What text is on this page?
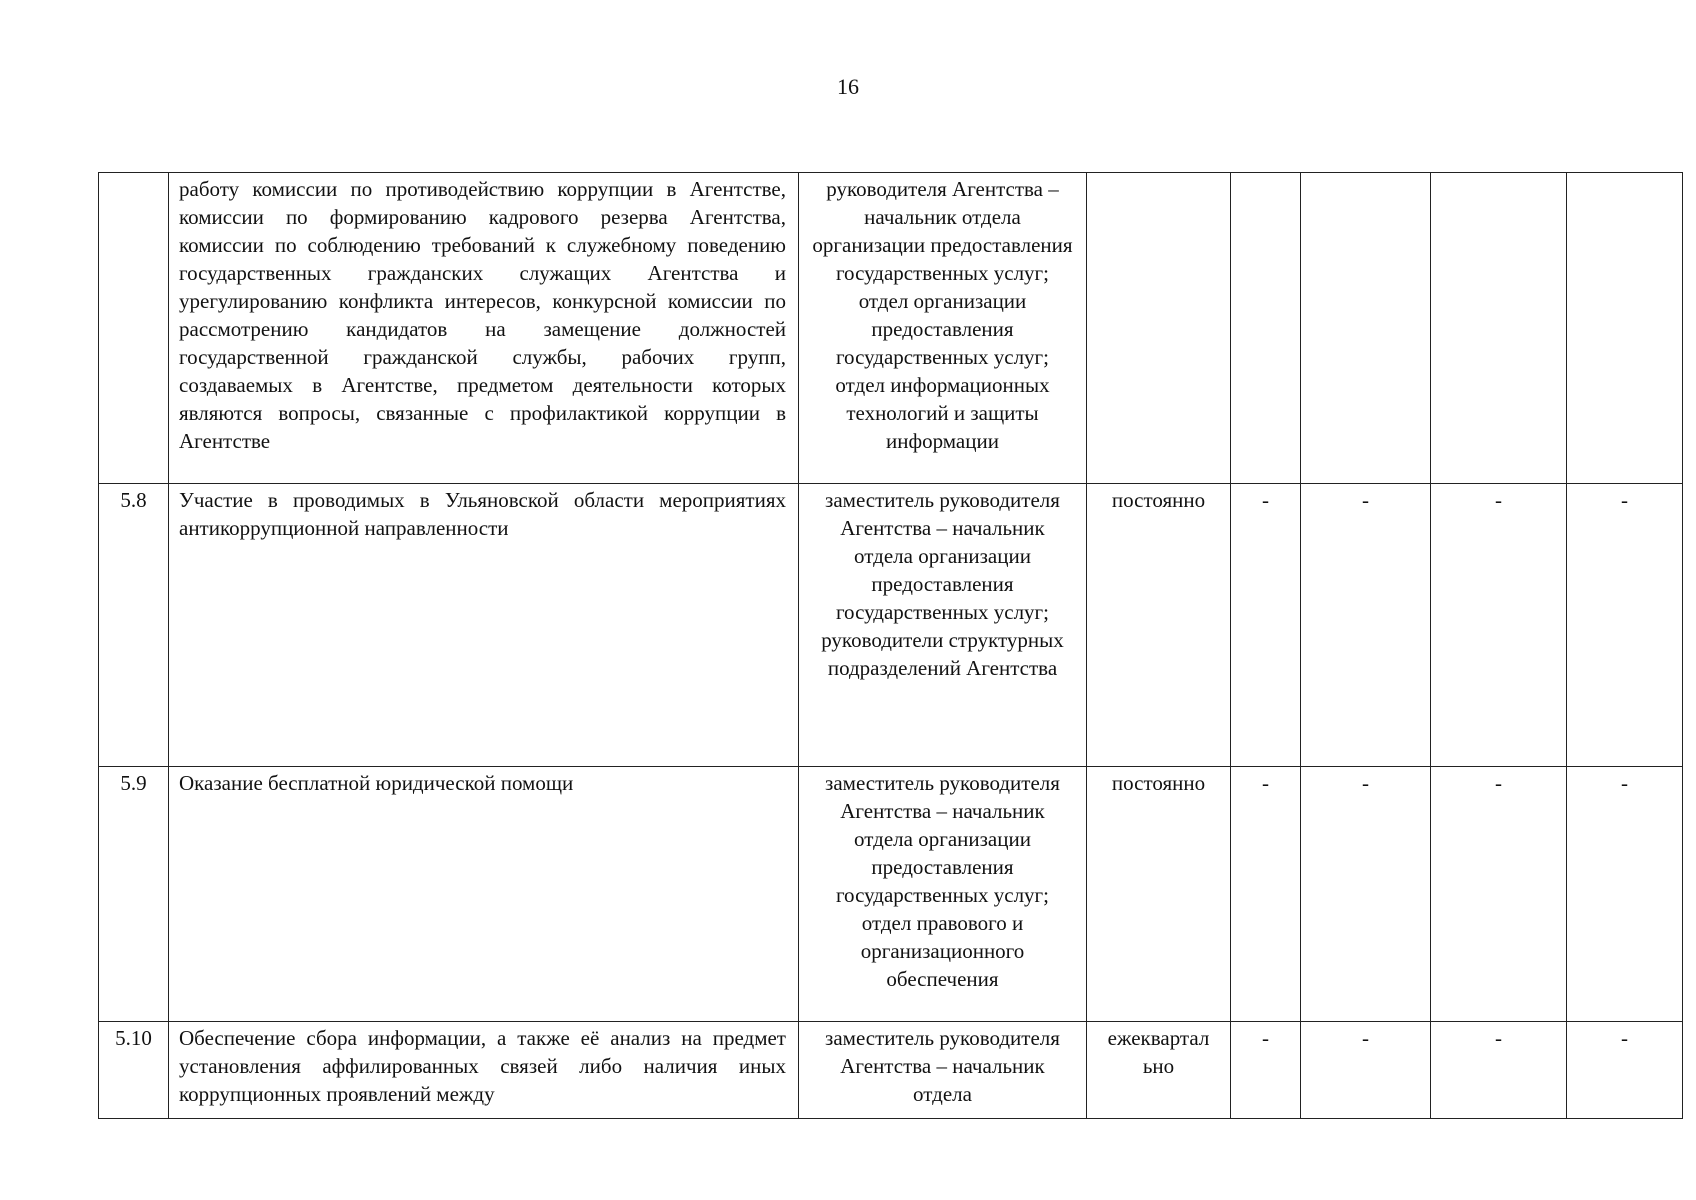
16
	работу комиссии по противодействию коррупции в Агентстве, комиссии по формированию кадрового резерва Агентства, комиссии по соблюдению требований к служебному поведению государственных гражданских служащих Агентства и урегулированию конфликта интересов, конкурсной комиссии по рассмотрению кандидатов на замещение должностей государственной гражданской службы, рабочих групп, создаваемых в Агентстве, предметом деятельности которых являются вопросы, связанные с профилактикой коррупции в Агентстве	руководителя Агентства – начальник отдела организации предоставления государственных услуг; отдел организации предоставления государственных услуг; отдел информационных технологий и защиты информации					
5.8	Участие в проводимых в Ульяновской области мероприятиях антикоррупционной направленности	заместитель руководителя Агентства – начальник отдела организации предоставления государственных услуг; руководители структурных подразделений Агентства	постоянно	-	-	-	-
5.9	Оказание бесплатной юридической помощи	заместитель руководителя Агентства – начальник отдела организации предоставления государственных услуг; отдел правового и организационного обеспечения	постоянно	-	-	-	-
5.10	Обеспечение сбора информации, а также её анализ на предмет установления аффилированных связей либо наличия иных коррупционных проявлений между	заместитель руководителя Агентства – начальник отдела	ежеквартал ьно	-	-	-	-
